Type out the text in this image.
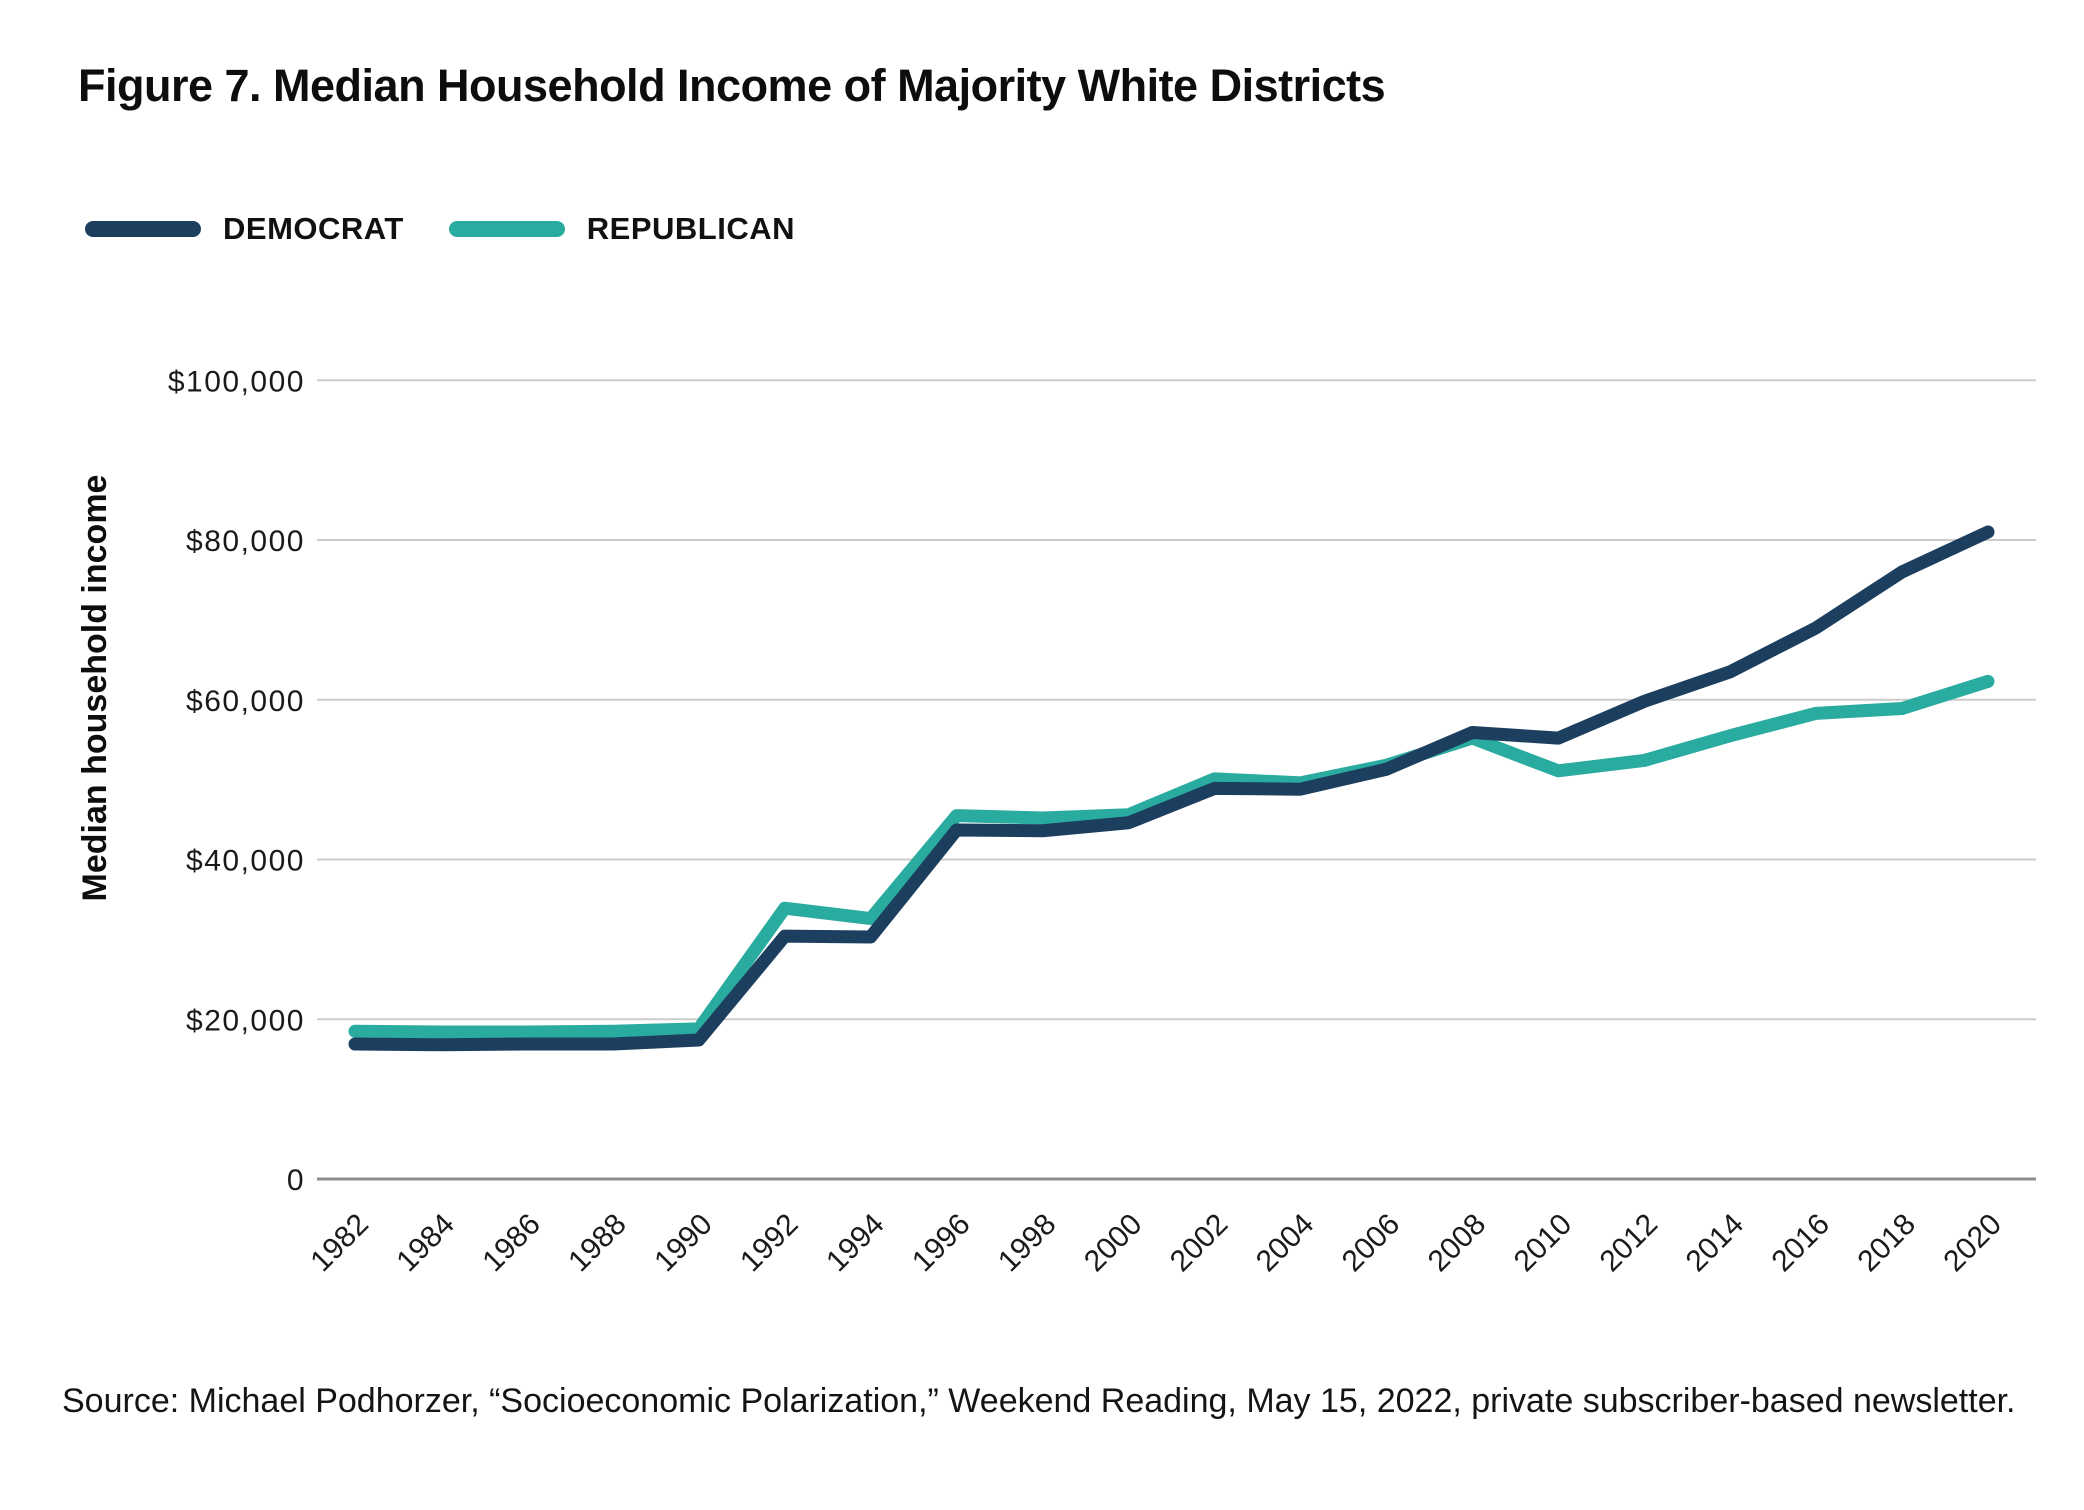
Figure 7. Median Household Income of Majority White Districts
DEMOCRAT	REPUBLICAN
0
$20,000
$40,000
$60,000
$80,000
$100,000
1982 1984 1986 1988 1990 1992 1994 1996 1998 2000 2002 2004 2006 2008 2010 2012 2014 2016 2018 2020
Median household income

Source: Michael Podhorzer, “Socioeconomic Polarization,” Weekend Reading, May 15, 2022, private subscriber-based newsletter.
